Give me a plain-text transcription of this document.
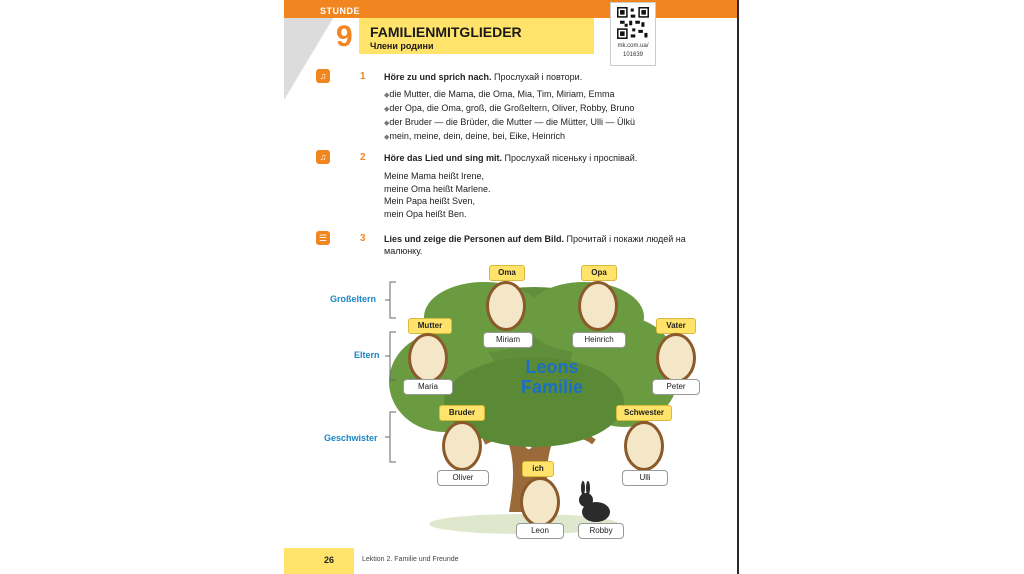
STUNDE
9 FAMILIENMITGLIEDER
Члени родини	mk.com.ua/
101639
♫	1 Höre zu und sprich nach. Прослухай і повтори.
◆ die Mutter, die Mama, die Oma, Mia, Tim, Miriam, Emma
◆ der Opa, die Oma, groß, die Großeltern, Oliver, Robby, Bruno
◆ der Bruder — die Brüder, die Mutter — die Mütter, Ulli — Ülkü
◆ mein, meine, dein, deine, bei, Eike, Heinrich
♫	2 Höre das Lied und sing mit. Прослухай пісеньку і проспівай.
Meine Mama heißt Irene,
meine Oma heißt Marlene.
Mein Papa heißt Sven,
mein Opa heißt Ben.
☰	3 Lies und zeige die Personen auf dem Bild. Прочитай і покажи людей на малюнку.
Großeltern
Eltern
Geschwister
Leons
Familie
Oma
Miriam
Opa
Heinrich
Mutter
Maria
Vater
Peter
Bruder
Oliver
Schwester
Ulli
ich
Leon	Robby
26	Lektion 2. Familie und Freunde
